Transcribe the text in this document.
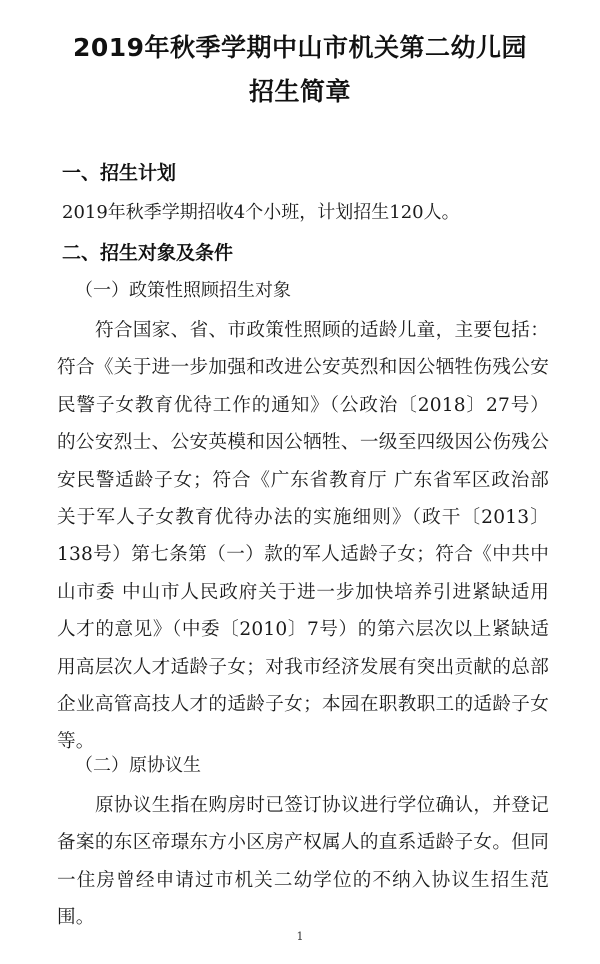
2019年秋季学期中山市机关第二幼儿园
招生简章
一、招生计划
2019年秋季学期招收4个小班，计划招生120人。
二、招生对象及条件
（一）政策性照顾招生对象
符合国家、省、市政策性照顾的适龄儿童，主要包括：符合《关于进一步加强和改进公安英烈和因公牺牲伤残公安民警子女教育优待工作的通知》（公政治〔2018〕27号）的公安烈士、公安英模和因公牺牲、一级至四级因公伤残公安民警适龄子女；符合《广东省教育厅 广东省军区政治部关于军人子女教育优待办法的实施细则》（政干〔2013〕138号）第七条第（一）款的军人适龄子女；符合《中共中山市委 中山市人民政府关于进一步加快培养引进紧缺适用人才的意见》（中委〔2010〕7号）的第六层次以上紧缺适用高层次人才适龄子女；对我市经济发展有突出贡献的总部企业高管高技人才的适龄子女；本园在职教职工的适龄子女等。
（二）原协议生
原协议生指在购房时已签订协议进行学位确认，并登记备案的东区帝璟东方小区房产权属人的直系适龄子女。但同一住房曾经申请过市机关二幼学位的不纳入协议生招生范围。
1
